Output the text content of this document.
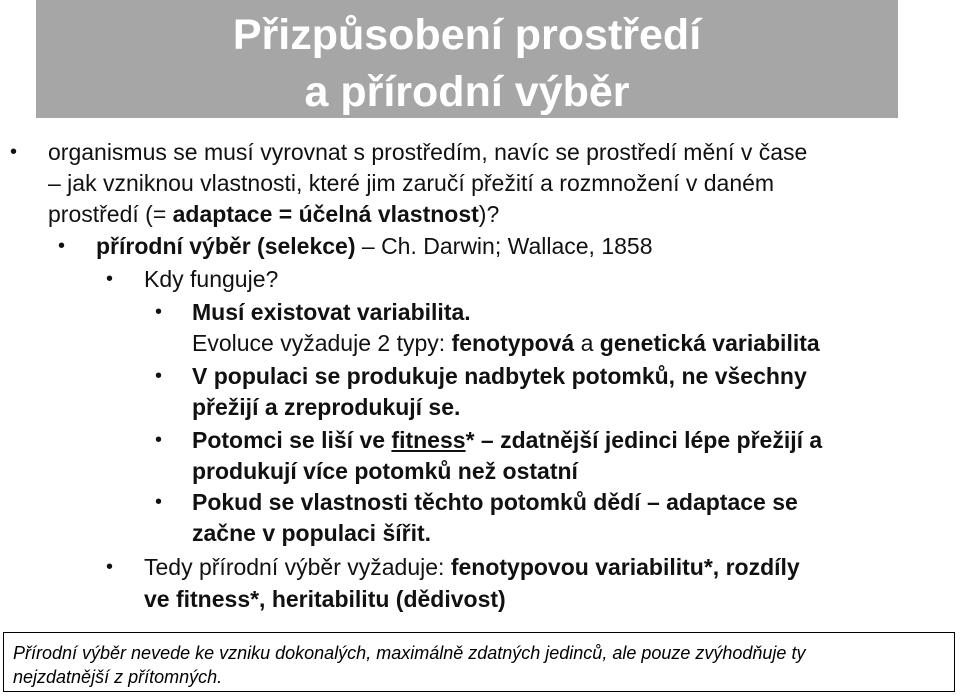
Přizpůsobení prostředí
a přírodní výběr
• organismus se musí vyrovnat s prostředím, navíc se prostředí mění v čase
– jak vzniknou vlastnosti, které jim zaručí přežití a rozmnožení v daném
prostředí (= adaptace = účelná vlastnost)?
• přírodní výběr (selekce) – Ch. Darwin; Wallace, 1858
• Kdy funguje?
• Musí existovat variabilita.
Evoluce vyžaduje 2 typy: fenotypová a genetická variabilita
• V populaci se produkuje nadbytek potomků, ne všechny
přežijí a zreprodukují se.
• Potomci se liší ve fitness* – zdatnější jedinci lépe přežijí a
produkují více potomků než ostatní
• Pokud se vlastnosti těchto potomků dědí – adaptace se
začne v populaci šířit.
• Tedy přírodní výběr vyžaduje: fenotypovou variabilitu*, rozdíly
ve fitness*, heritabilitu (dědivost)
Přírodní výběr nevede ke vzniku dokonalých, maximálně zdatných jedinců, ale pouze zvýhodňuje ty
nejzdatnější z přítomných.
